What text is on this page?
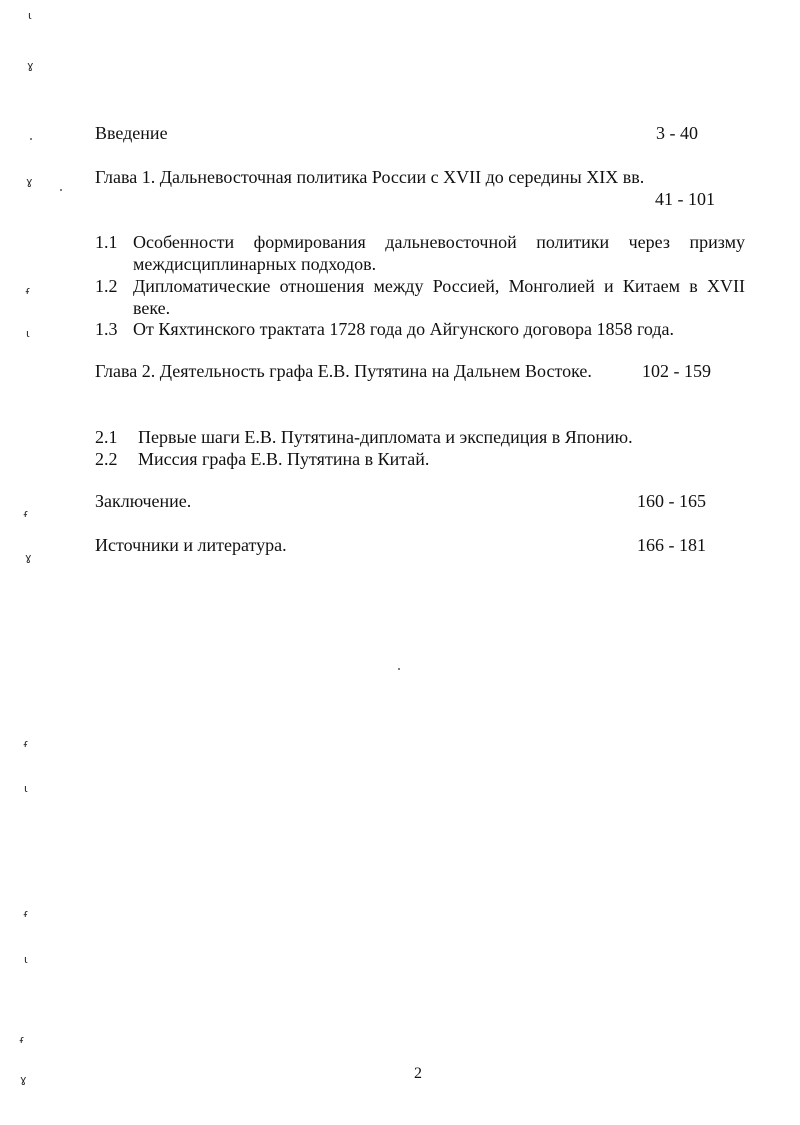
ɩ
ɣ
ɣ
ᵳ
ɩ
ᵳ
ɣ
ᵳ
ɩ
ᵳ
ɩ
ᵳ
ɣ
Введение	3 - 40
Глава 1. Дальневосточная политика России с XVII до середины XIX вв.
41 - 101
1.1 Особенности формирования дальневосточной политики через призму междисциплинарных подходов.
1.2 Дипломатические отношения между Россией, Монголией и Китаем в XVII веке.
1.3 От Кяхтинского трактата 1728 года до Айгунского договора 1858 года.
Глава 2. Деятельность графа Е.В. Путятина на Дальнем Востоке.	102 - 159
2.1 Первые шаги Е.В. Путятина-дипломата и экспедиция в Японию.
2.2 Миссия графа Е.В. Путятина в Китай.
Заключение.	160 - 165
Источники и литература.	166 - 181
2
